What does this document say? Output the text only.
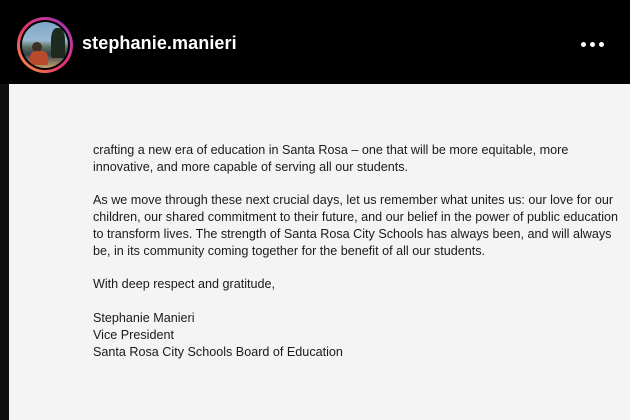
stephanie.manieri

crafting a new era of education in Santa Rosa – one that will be more equitable, more

innovative, and more capable of serving all our students.

As we move through these next crucial days, let us remember what unites us: our love for our

children, our shared commitment to their future, and our belief in the power of public education

to transform lives. The strength of Santa Rosa City Schools has always been, and will always

be, in its community coming together for the benefit of all our students.

With deep respect and gratitude,

Stephanie Manieri

Vice President

Santa Rosa City Schools Board of Education
